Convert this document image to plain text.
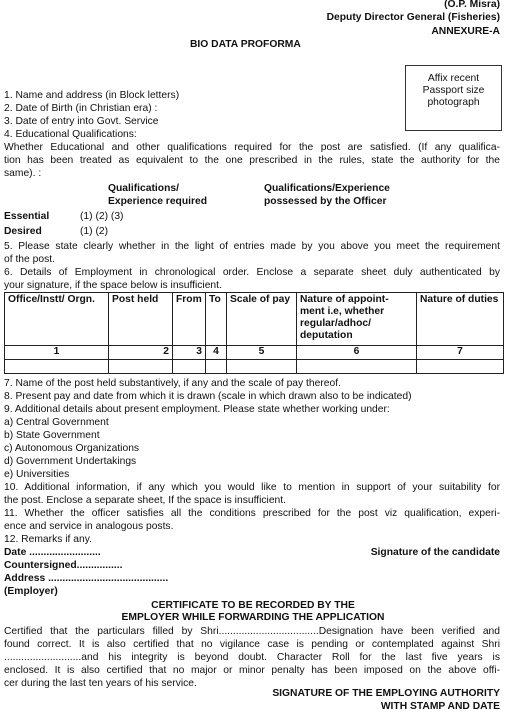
(O.P. Misra)
Deputy Director General (Fisheries)
ANNEXURE-A
BIO DATA PROFORMA
Affix recent
Passport size
photograph
1. Name and address (in Block letters)
2. Date of Birth (in Christian era) :
3. Date of entry into Govt. Service
4. Educational Qualifications:
Whether Educational and other qualifications required for the post are satisfied. (If any qualifica-
tion has been treated as equivalent to the one prescribed in the rules, state the authority for the
same). :
Qualifications/
Experience required
Qualifications/Experience
possessed by the Officer
Essential	(1) (2) (3)
Desired	(1) (2)
5. Please state clearly whether in the light of entries made by you above you meet the requirement
of the post.
6. Details of Employment in chronological order. Enclose a separate sheet duly authenticated by
your signature, if the space below is insufficient.
Office/Instt/ Orgn.	Post held	From	To	Scale of pay	Nature of appoint-ment i.e, whether regular/adhoc/ deputation	Nature of duties
1	2	3	4	5	6	7

7. Name of the post held substantively, if any and the scale of pay thereof.
8. Present pay and date from which it is drawn (scale in which drawn also to be indicated)
9. Additional details about present employment. Please state whether working under:
a) Central Government
b) State Government
c) Autonomous Organizations
d) Government Undertakings
e) Universities
10. Additional information, if any which you would like to mention in support of your suitability for
the post. Enclose a separate sheet, If the space is insufficient.
11. Whether the officer satisfies all the conditions prescribed for the post viz qualification, experi-
ence and service in analogous posts.
12. Remarks if any.
Date .........................	Signature of the candidate
Countersigned................
Address ..........................................
(Employer)
CERTIFICATE TO BE RECORDED BY THE
EMPLOYER WHILE FORWARDING THE APPLICATION
Certified that the particulars filled by Shri...................................Designation have been verified and
found correct. It is also certified that no vigilance case is pending or contemplated against Shri
...........................and his integrity is beyond doubt. Character Roll for the last five years is
enclosed. It is also certified that no major or minor penalty has been imposed on the above offi-
cer during the last ten years of his service.
SIGNATURE OF THE EMPLOYING AUTHORITY
WITH STAMP AND DATE
